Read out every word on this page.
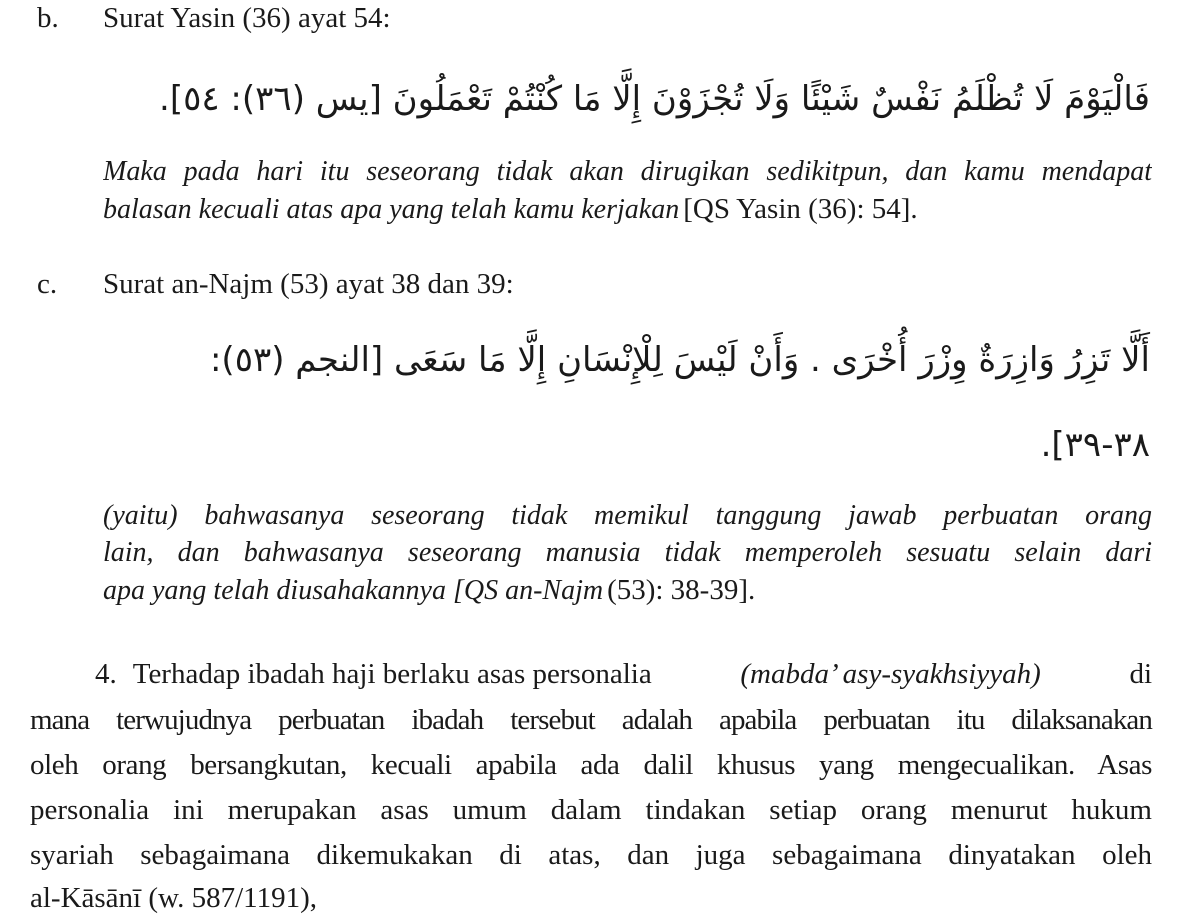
b. Surat Yasin (36) ayat 54:
فَالْيَوْمَ لَا تُظْلَمُ نَفْسٌ شَيْئًا وَلَا تُجْزَوْنَ إِلَّا مَا كُنْتُمْ تَعْمَلُونَ [يس (٣٦): ٥٤].
Maka pada hari itu seseorang tidak akan dirugikan sedikitpun, dan kamu mendapat
balasan kecuali atas apa yang telah kamu kerjakan [QS Yasin (36): 54].
c. Surat an-Najm (53) ayat 38 dan 39:
أَلَّا تَزِرُ وَازِرَةٌ وِزْرَ أُخْرَى . وَأَنْ لَيْسَ لِلْإِنْسَانِ إِلَّا مَا سَعَى [النجم (٥٣):
٣٨-٣٩].
(yaitu) bahwasanya seseorang tidak memikul tanggung jawab perbuatan orang
lain, dan bahwasanya seseorang manusia tidak memperoleh sesuatu selain dari
apa yang telah diusahakannya [QS an-Najm (53): 38-39].
4. Terhadap ibadah haji berlaku asas personalia	(mabda’ asy-syakhsiyyah)	di
mana terwujudnya perbuatan ibadah tersebut adalah apabila perbuatan itu dilaksanakan
oleh orang bersangkutan, kecuali apabila ada dalil khusus yang mengecualikan. Asas
personalia ini merupakan asas umum dalam tindakan setiap orang menurut hukum
syariah sebagaimana dikemukakan di atas, dan juga sebagaimana dinyatakan oleh
al-Kāsānī (w. 587/1191),
